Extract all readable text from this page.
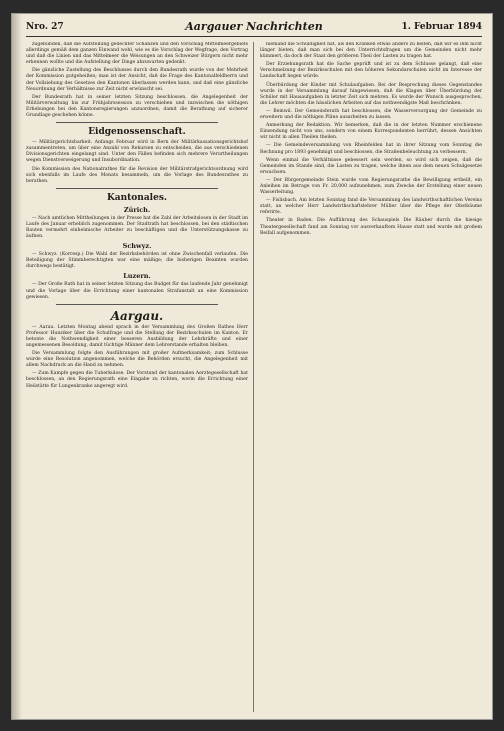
Nro. 27	Aargauer Nachrichten	1. Februar 1894

zugebunden, daß die Aufstellung gedeckter Schanzen und den Vorschlag Mittelmeergebiets allerdings gemäß dem ganzen Einwand wohl, wie es die Vorschlag der Wegfrage, den Vortrag und daß die Linien und das Mittelmeer die Weisungen an den Schweizer Bürgern nicht mehr erkennen wollte und die Aufstellung der Dinge abzuwarten gedenkt.

Die gänzliche Zustellung des Beschlusses durch den Bundesrath wurde von der Mehrheit der Kommission gutgeheißen; man ist der Ansicht, daß die Frage des Kantonalfeldherrn und der Vollziehung des Gesetzes den Kantonen überlassen werden kann, und daß eine gänzliche Neuordnung der Verhältnisse zur Zeit nicht erwünscht sei.

Der Bundesrath hat in seiner letzten Sitzung beschlossen, die Angelegenheit der Militärverwaltung bis zur Frühjahrssession zu verschieben und inzwischen die nöthigen Erhebungen bei den Kantonsregierungen anzuordnen, damit die Berathung auf sicherer Grundlage geschehen könne.

Eidgenossenschaft.

— Militärgerichtsbarkeit. Anfangs Februar wird in Bern der Militärkassationsgerichtshof zusammentreten, um über eine Anzahl von Rekursen zu entscheiden, die aus verschiedenen Divisionsgerichten eingelangt sind. Unter den Fällen befinden sich mehrere Verurtheilungen wegen Dienstverweigerung und Insubordination.

Die Kommission des Nationalrathes für die Revision der Militärstrafgerichtsordnung wird sich ebenfalls im Laufe des Monats besammeln, um die Vorlage des Bundesrathes zu berathen.

Kantonales.
Zürich.

— Nach amtlichen Mittheilungen in der Presse hat die Zahl der Arbeitslosen in der Stadt im Laufe des Januar erheblich zugenommen. Der Stadtrath hat beschlossen, bei den städtischen Bauten vermehrt einheimische Arbeiter zu beschäftigen und die Unterstützungskasse zu äufnen.

Schwyz.

— Schwyz. (Korresp.) Die Wahl der Bezirksbehörden ist ohne Zwischenfall verlaufen. Die Beteiligung der Stimmberechtigten war eine mäßige; die bisherigen Beamten wurden durchwegs bestätigt.

Luzern.

— Der Große Rath hat in seiner letzten Sitzung das Budget für das laufende Jahr genehmigt und die Vorlage über die Errichtung einer kantonalen Strafanstalt an eine Kommission gewiesen.

Aargau.

— Aarau. Letzten Montag abend sprach in der Versammlung des Großen Rathes Herr Professor Hunziker über die Schulfrage und die Stellung der Bezirksschulen im Kanton. Er betonte die Nothwendigkeit einer besseren Ausbildung der Lehrkräfte und einer angemessenen Besoldung, damit tüchtige Männer dem Lehrerstande erhalten bleiben.

Die Versammlung folgte den Ausführungen mit großer Aufmerksamkeit; zum Schlusse wurde eine Resolution angenommen, welche die Behörden ersucht, die Angelegenheit mit allem Nachdruck an die Hand zu nehmen.

— Zum Kampfe gegen die Tuberkulose. Der Vorstand der kantonalen Aerztegesellschaft hat beschlossen, an den Regierungsrath eine Eingabe zu richten, worin die Errichtung einer Heilstätte für Lungenkranke angeregt wird.

niemand die Schuldigkeit hat, als den Kranken etwas anders zu helfen, daß wir es ihm nicht länger bieten, daß man sich bei den Unterrichtsfragen um die Gemeinden nicht mehr kümmert, da doch der Staat den größeren Theil der Lasten zu tragen hat.

Der Erziehungsrath hat die Sache geprüft und ist zu dem Schlusse gelangt, daß eine Verschmelzung der Bezirksschulen mit den höheren Sekundarschulen nicht im Interesse der Landschaft liegen würde.

Überbürdung der Kinder mit Schulaufgaben. Bei der Besprechung dieses Gegenstandes wurde in der Versammlung darauf hingewiesen, daß die Klagen über Überbürdung der Schüler mit Hausaufgaben in letzter Zeit sich mehren. Es wurde der Wunsch ausgesprochen, die Lehrer möchten die häuslichen Arbeiten auf das nothwendigste Maß beschränken.

— Beinwil. Der Gemeinderath hat beschlossen, die Wasserversorgung der Gemeinde zu erweitern und die nöthigen Pläne ausarbeiten zu lassen.

Anmerkung der Redaktion. Wir bemerken, daß die in der letzten Nummer erschienene Einsendung nicht von uns, sondern von einem Korrespondenten herrührt, dessen Ansichten wir nicht in allen Theilen theilen.

— Die Gemeindeversammlung von Rheinfelden hat in ihrer Sitzung vom Sonntag die Rechnung pro 1893 genehmigt und beschlossen, die Straßenbeleuchtung zu verbessern.

Wenn einmal die Verhältnisse gebessert sein werden, so wird sich zeigen, daß die Gemeinden im Stande sind, die Lasten zu tragen, welche ihnen aus dem neuen Schulgesetze erwachsen.

— Der Bürgergemeinde Stein wurde vom Regierungsrathe die Bewilligung ertheilt, ein Anleihen im Betrage von Fr. 20,000 aufzunehmen, zum Zwecke der Erstellung einer neuen Wasserleitung.

— Fislisbach. Am letzten Sonntag fand die Versammlung des landwirthschaftlichen Vereins statt, an welcher Herr Landwirthschaftslehrer Müller über die Pflege der Obstbäume referirte.

Theater in Baden. Die Aufführung des Schauspiels Die Räuber durch die hiesige Theatergesellschaft fand am Sonntag vor ausverkauftem Hause statt und wurde mit großem Beifall aufgenommen.
